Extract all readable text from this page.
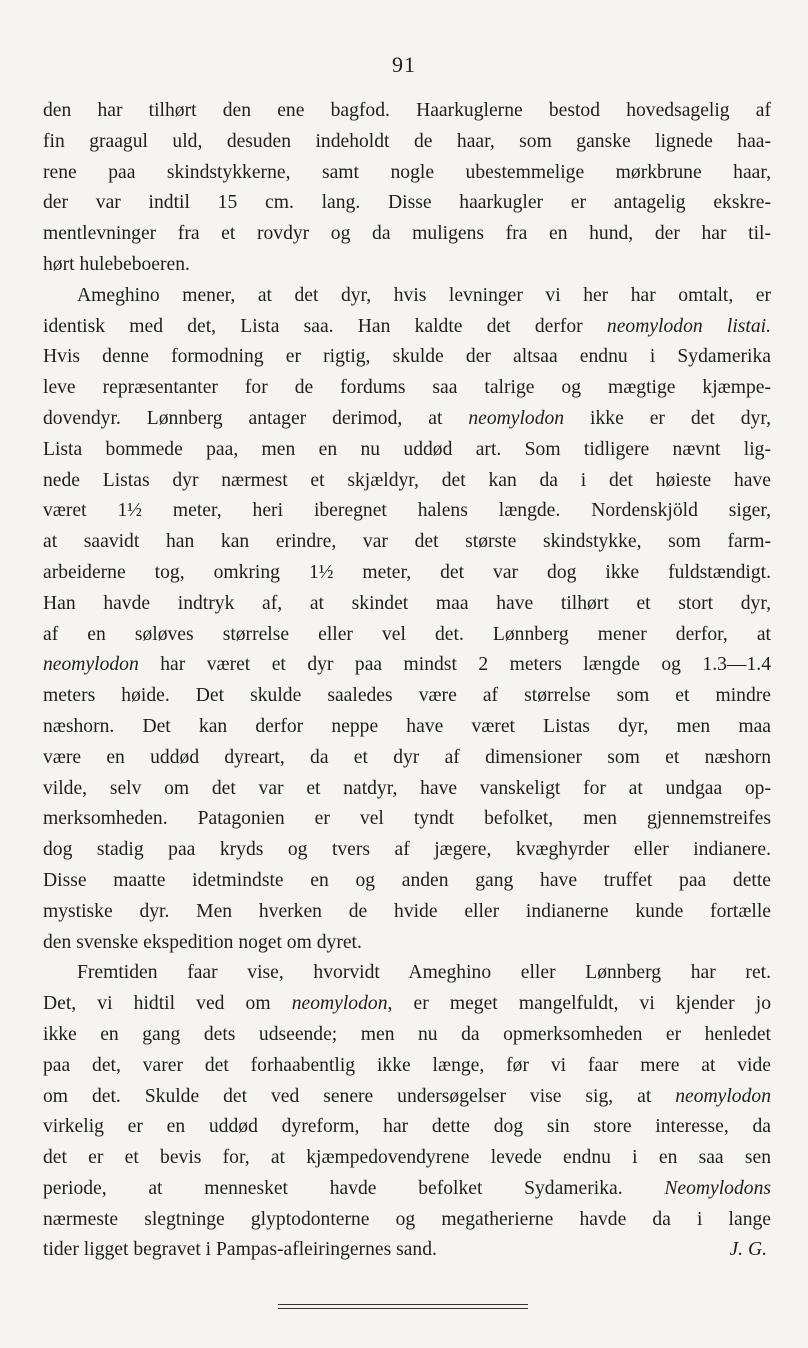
91
den har tilhørt den ene bagfod. Haarkuglerne bestod hovedsagelig af
fin graagul uld, desuden indeholdt de haar, som ganske lignede haa-
rene paa skindstykkerne, samt nogle ubestemmelige mørkbrune haar,
der var indtil 15 cm. lang. Disse haarkugler er antagelig ekskre-
mentlevninger fra et rovdyr og da muligens fra en hund, der har til-
hørt hulebeboeren.
Ameghino mener, at det dyr, hvis levninger vi her har omtalt, er
identisk med det, Lista saa. Han kaldte det derfor neomylodon listai.
Hvis denne formodning er rigtig, skulde der altsaa endnu i Sydamerika
leve repræsentanter for de fordums saa talrige og mægtige kjæmpe-
dovendyr. Lønnberg antager derimod, at neomylodon ikke er det dyr,
Lista bommede paa, men en nu uddød art. Som tidligere nævnt lig-
nede Listas dyr nærmest et skjældyr, det kan da i det høieste have
været 1½ meter, heri iberegnet halens længde. Nordenskjöld siger,
at saavidt han kan erindre, var det største skindstykke, som farm-
arbeiderne tog, omkring 1½ meter, det var dog ikke fuldstændigt.
Han havde indtryk af, at skindet maa have tilhørt et stort dyr,
af en søløves størrelse eller vel det. Lønnberg mener derfor, at
neomylodon har været et dyr paa mindst 2 meters længde og 1.3—1.4
meters høide. Det skulde saaledes være af størrelse som et mindre
næshorn. Det kan derfor neppe have været Listas dyr, men maa
være en uddød dyreart, da et dyr af dimensioner som et næshorn
vilde, selv om det var et natdyr, have vanskeligt for at undgaa op-
merksomheden. Patagonien er vel tyndt befolket, men gjennemstreifes
dog stadig paa kryds og tvers af jægere, kvæghyrder eller indianere.
Disse maatte idetmindste en og anden gang have truffet paa dette
mystiske dyr. Men hverken de hvide eller indianerne kunde fortælle
den svenske ekspedition noget om dyret.
Fremtiden faar vise, hvorvidt Ameghino eller Lønnberg har ret.
Det, vi hidtil ved om neomylodon, er meget mangelfuldt, vi kjender jo
ikke en gang dets udseende; men nu da opmerksomheden er henledet
paa det, varer det forhaabentlig ikke længe, før vi faar mere at vide
om det. Skulde det ved senere undersøgelser vise sig, at neomylodon
virkelig er en uddød dyreform, har dette dog sin store interesse, da
det er et bevis for, at kjæmpedovendyrene levede endnu i en saa sen
periode, at mennesket havde befolket Sydamerika. Neomylodons
nærmeste slegtninge glyptodonterne og megatherierne havde da i lange
tider ligget begravet i Pampas-afleiringernes sand.	J. G.
